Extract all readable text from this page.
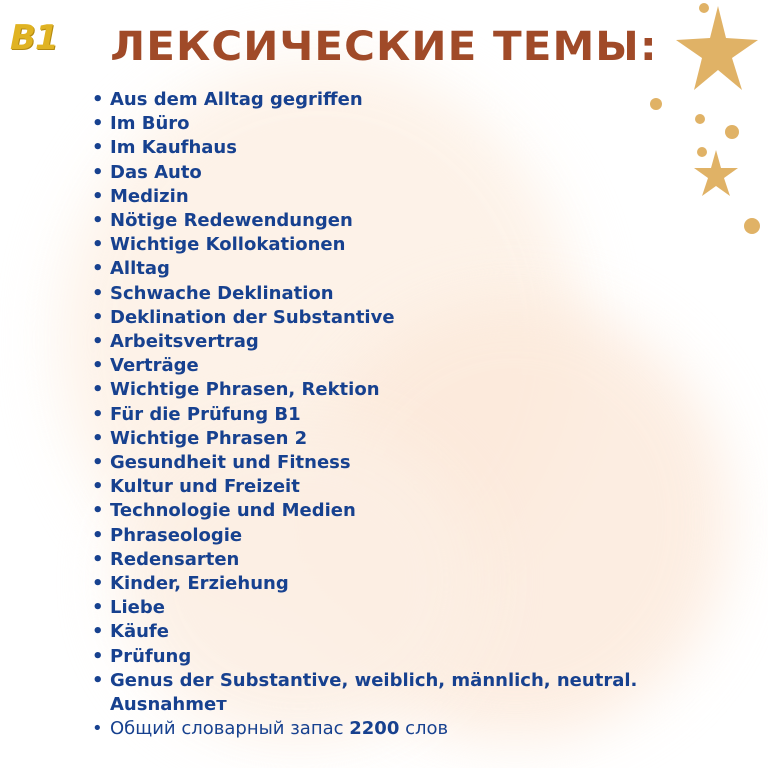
B1	ЛЕКСИЧЕСКИЕ ТЕМЫ:
• Aus dem Alltag gegriffen
• Im Büro
• Im Kaufhaus
• Das Auto
• Medizin
• Nötige Redewendungen
• Wichtige Kollokationen
• Alltag
• Schwache Deklination
• Deklination der Substantive
• Arbeitsvertrag
• Verträge
• Wichtige Phrasen, Rektion
• Für die Prüfung B1
• Wichtige Phrasen 2
• Gesundheit und Fitness
• Kultur und Freizeit
• Technologie und Medien
• Phraseologie
• Redensarten
• Kinder, Erziehung
• Liebe
• Käufe
• Prüfung
• Genus der Substantive, weiblich, männlich, neutral. Ausnahmeт
• Общий словарный запас 2200 слов
